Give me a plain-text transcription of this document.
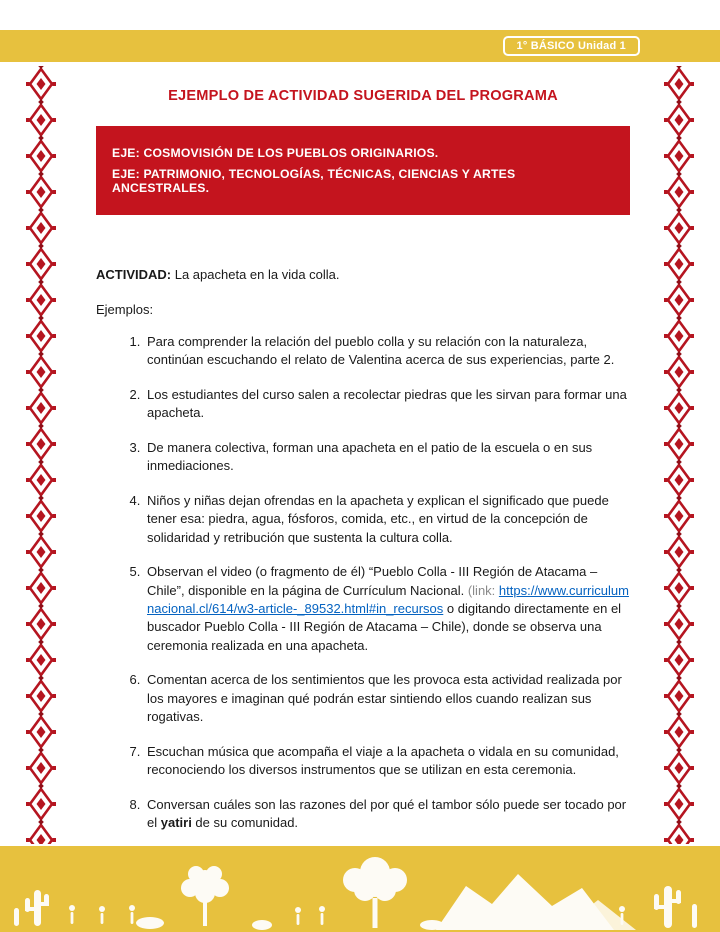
1° BÁSICO Unidad 1
EJEMPLO DE ACTIVIDAD SUGERIDA DEL PROGRAMA

EJE: COSMOVISIÓN DE LOS PUEBLOS ORIGINARIOS.

EJE: PATRIMONIO, TECNOLOGÍAS, TÉCNICAS, CIENCIAS Y ARTES ANCESTRALES.

ACTIVIDAD: La apacheta en la vida colla.

Ejemplos:

1. Para comprender la relación del pueblo colla y su relación con la naturaleza, continúan escuchando el relato de Valentina acerca de sus experiencias, parte 2.
2. Los estudiantes del curso salen a recolectar piedras que les sirvan para formar una apacheta.
3. De manera colectiva, forman una apacheta en el patio de la escuela o en sus inmediaciones.
4. Niños y niñas dejan ofrendas en la apacheta y explican el significado que puede tener esa: piedra, agua, fósforos, comida, etc., en virtud de la concepción de solidaridad y retribución que sustenta la cultura colla.
5. Observan el video (o fragmento de él) “Pueblo Colla - III Región de Atacama – Chile”, disponible en la página de Currículum Nacional. (link: https://www.curriculumnacional.cl/614/w3-article-_89532.html#in_recursos o digitando directamente en el buscador Pueblo Colla - III Región de Atacama – Chile), donde se observa una ceremonia realizada en una apacheta.
6. Comentan acerca de los sentimientos que les provoca esta actividad realizada por los mayores e imaginan qué podrán estar sintiendo ellos cuando realizan sus rogativas.
7. Escuchan música que acompaña el viaje a la apacheta o vidala en su comunidad, reconociendo los diversos instrumentos que se utilizan en esta ceremonia.
8. Conversan cuáles son las razones del por qué el tambor sólo puede ser tocado por el yatiri de su comunidad.
